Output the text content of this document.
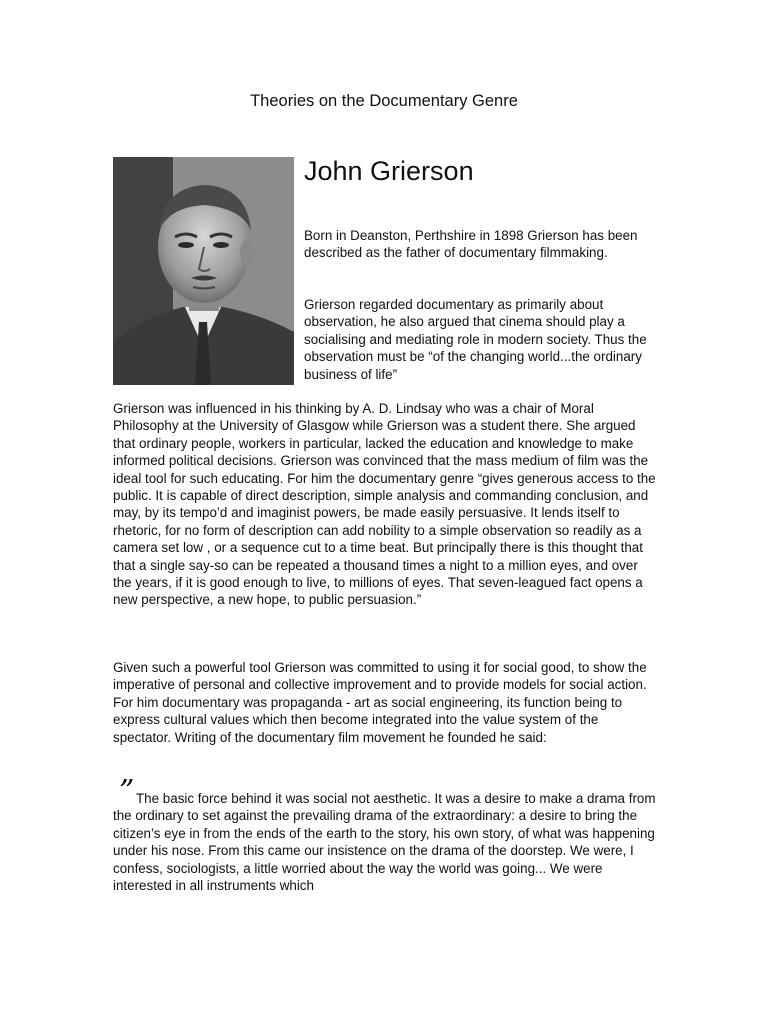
Theories on the Documentary Genre
John Grierson

Born in Deanston, Perthshire in 1898 Grierson has been described as the father of documentary filmmaking.

Grierson regarded documentary as primarily about observation, he also argued that cinema should play a socialising and mediating role in modern society. Thus the observation must be “of the changing world...the ordinary business of life”

Grierson was influenced in his thinking by A. D. Lindsay who was a chair of Moral Philosophy at the University of Glasgow while Grierson was a student there. She argued that ordinary people, workers in particular, lacked the education and knowledge to make informed political decisions. Grierson was convinced that the mass medium of film was the ideal tool for such educating. For him the documentary genre “gives generous access to the public. It is capable of direct description, simple analysis and commanding conclusion, and may, by its tempo’d and imaginist powers, be made easily persuasive. It lends itself to rhetoric, for no form of description can add nobility to a simple observation so readily as a camera set low , or a sequence cut to a time beat. But principally there is this thought that that a single say-so can be repeated a thousand times a night to a million eyes, and over the years, if it is good enough to live, to millions of eyes. That seven-leagued fact opens a new perspective, a new hope, to public persuasion.”

Given such a powerful tool Grierson was committed to using it for social good, to show the imperative of personal and collective improvement and to provide models for social action. For him documentary was propaganda - art as social engineering, its function being to express cultural values which then become integrated into the value system of the spectator. Writing of the documentary film movement he founded he said:

” The basic force behind it was social not aesthetic. It was a desire to make a drama from the ordinary to set against the prevailing drama of the extraordinary: a desire to bring the citizen’s eye in from the ends of the earth to the story, his own story, of what was happening under his nose. From this came our insistence on the drama of the doorstep. We were, I confess, sociologists, a little worried about the way the world was going... We were interested in all instruments which
